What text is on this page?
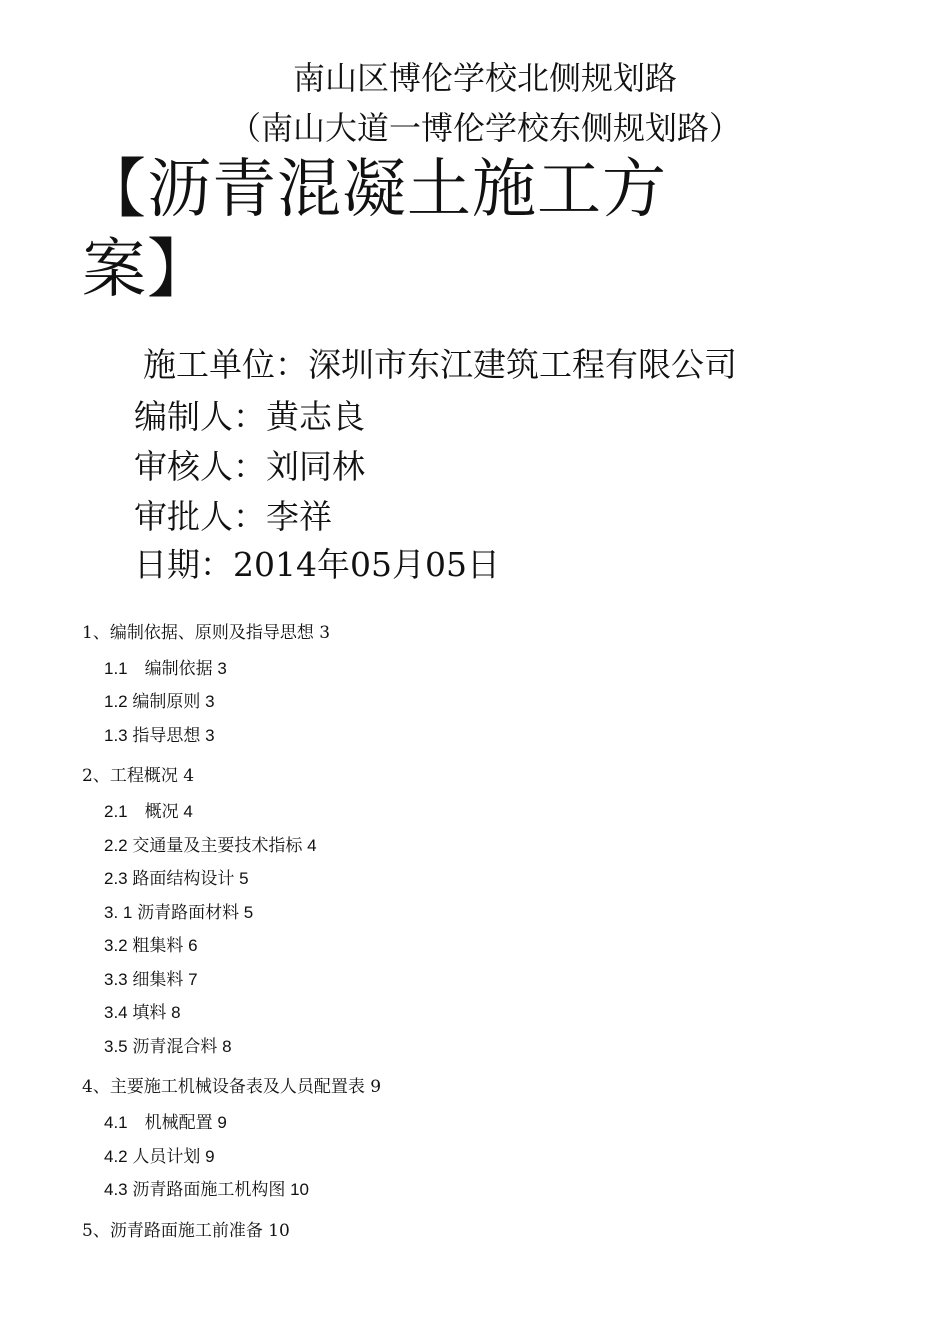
南山区博伦学校北侧规划路
（南山大道一博伦学校东侧规划路）
【沥青混凝土施工方
案】
施工单位：深圳市东江建筑工程有限公司
编制人：黄志良
审核人：刘同林
审批人：李祥
日期：2014年05月05日
1、编制依据、原则及指导思想 3
1.1　编制依据 3
1.2 编制原则 3
1.3 指导思想 3
2、工程概况 4
2.1　概况 4
2.2 交通量及主要技术指标 4
2.3 路面结构设计 5
3. 1 沥青路面材料 5
3.2 粗集料 6
3.3 细集料 7
3.4 填料 8
3.5 沥青混合料 8
4、主要施工机械设备表及人员配置表 9
4.1　机械配置 9
4.2 人员计划 9
4.3 沥青路面施工机构图 10
5、沥青路面施工前准备 10
